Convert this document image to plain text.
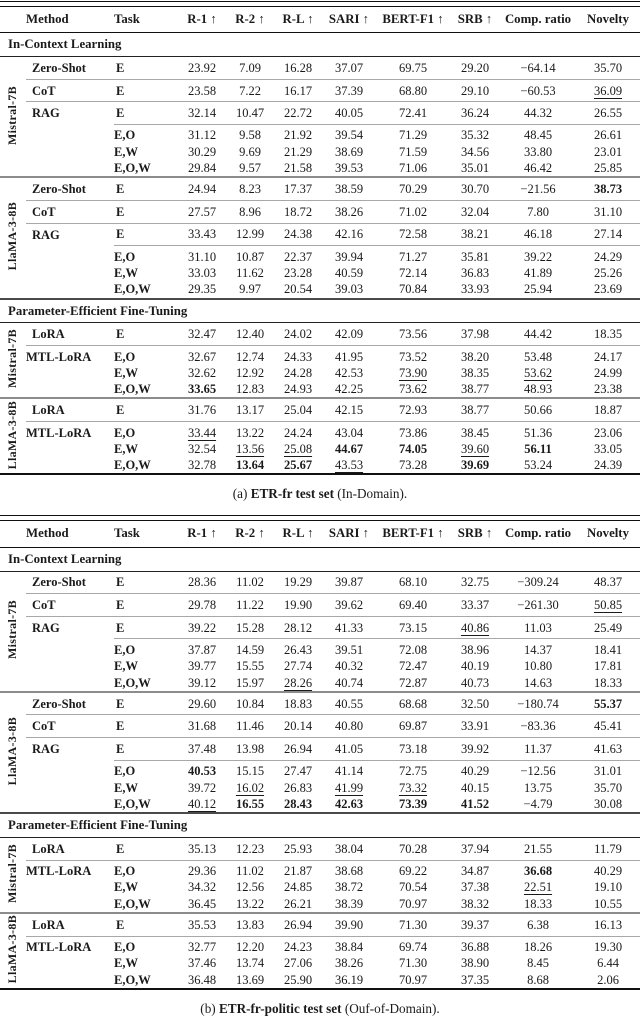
	Method	Task	R-1 ↑	R-2 ↑	R-L ↑	SARI ↑	BERT-F1 ↑	SRB ↑	Comp. ratio	Novelty
In-Context Learning										
Mistral-7B	Zero-Shot	E	23.92	7.09	16.28	37.07	69.75	29.20	−64.14	35.70
	CoT	E	23.58	7.22	16.17	37.39	68.80	29.10	−60.53	36.09
	RAG	E	32.14	10.47	22.72	40.05	72.41	36.24	44.32	26.55
		E,O	31.12	9.58	21.92	39.54	71.29	35.32	48.45	26.61
		E,W	30.29	9.69	21.29	38.69	71.59	34.56	33.80	23.01
		E,O,W	29.84	9.57	21.58	39.53	71.06	35.01	46.42	25.85
LlaMA-3-8B	Zero-Shot	E	24.94	8.23	17.37	38.59	70.29	30.70	−21.56	38.73
	CoT	E	27.57	8.96	18.72	38.26	71.02	32.04	7.80	31.10
	RAG	E	33.43	12.99	24.38	42.16	72.58	38.21	46.18	27.14
		E,O	31.10	10.87	22.37	39.94	71.27	35.81	39.22	24.29
		E,W	33.03	11.62	23.28	40.59	72.14	36.83	41.89	25.26
		E,O,W	29.35	9.97	20.54	39.03	70.84	33.93	25.94	23.69
Parameter-Efficient Fine-Tuning										
Mistral-7B	LoRA	E	32.47	12.40	24.02	42.09	73.56	37.98	44.42	18.35
	MTL-LoRA	E,O	32.67	12.74	24.33	41.95	73.52	38.20	53.48	24.17
		E,W	32.62	12.92	24.28	42.53	73.90	38.35	53.62	24.99
		E,O,W	33.65	12.83	24.93	42.25	73.62	38.77	48.93	23.38
LlaMA-3-8B	LoRA	E	31.76	13.17	25.04	42.15	72.93	38.77	50.66	18.87
	MTL-LoRA	E,O	33.44	13.22	24.24	43.04	73.86	38.45	51.36	23.06
		E,W	32.54	13.56	25.08	44.67	74.05	39.60	56.11	33.05
		E,O,W	32.78	13.64	25.67	43.53	73.28	39.69	53.24	24.39
(a) ETR-fr test set (In-Domain).
	Method	Task	R-1 ↑	R-2 ↑	R-L ↑	SARI ↑	BERT-F1 ↑	SRB ↑	Comp. ratio	Novelty
In-Context Learning										
Mistral-7B	Zero-Shot	E	28.36	11.02	19.29	39.87	68.10	32.75	−309.24	48.37
	CoT	E	29.78	11.22	19.90	39.62	69.40	33.37	−261.30	50.85
	RAG	E	39.22	15.28	28.12	41.33	73.15	40.86	11.03	25.49
		E,O	37.87	14.59	26.43	39.51	72.08	38.96	14.37	18.41
		E,W	39.77	15.55	27.74	40.32	72.47	40.19	10.80	17.81
		E,O,W	39.12	15.97	28.26	40.74	72.87	40.73	14.63	18.33
LlaMA-3-8B	Zero-Shot	E	29.60	10.84	18.83	40.55	68.68	32.50	−180.74	55.37
	CoT	E	31.68	11.46	20.14	40.80	69.87	33.91	−83.36	45.41
	RAG	E	37.48	13.98	26.94	41.05	73.18	39.92	11.37	41.63
		E,O	40.53	15.15	27.47	41.14	72.75	40.29	−12.56	31.01
		E,W	39.72	16.02	26.83	41.99	73.32	40.15	13.75	35.70
		E,O,W	40.12	16.55	28.43	42.63	73.39	41.52	−4.79	30.08
Parameter-Efficient Fine-Tuning										
Mistral-7B	LoRA	E	35.13	12.23	25.93	38.04	70.28	37.94	21.55	11.79
	MTL-LoRA	E,O	29.36	11.02	21.87	38.68	69.22	34.87	36.68	40.29
		E,W	34.32	12.56	24.85	38.72	70.54	37.38	22.51	19.10
		E,O,W	36.45	13.22	26.21	38.39	70.97	38.32	18.33	10.55
LlaMA-3-8B	LoRA	E	35.53	13.83	26.94	39.90	71.30	39.37	6.38	16.13
	MTL-LoRA	E,O	32.77	12.20	24.23	38.84	69.74	36.88	18.26	19.30
		E,W	37.46	13.74	27.06	38.26	71.30	38.90	8.45	6.44
		E,O,W	36.48	13.69	25.90	36.19	70.97	37.35	8.68	2.06
(b) ETR-fr-politic test set (Ouf-of-Domain).
